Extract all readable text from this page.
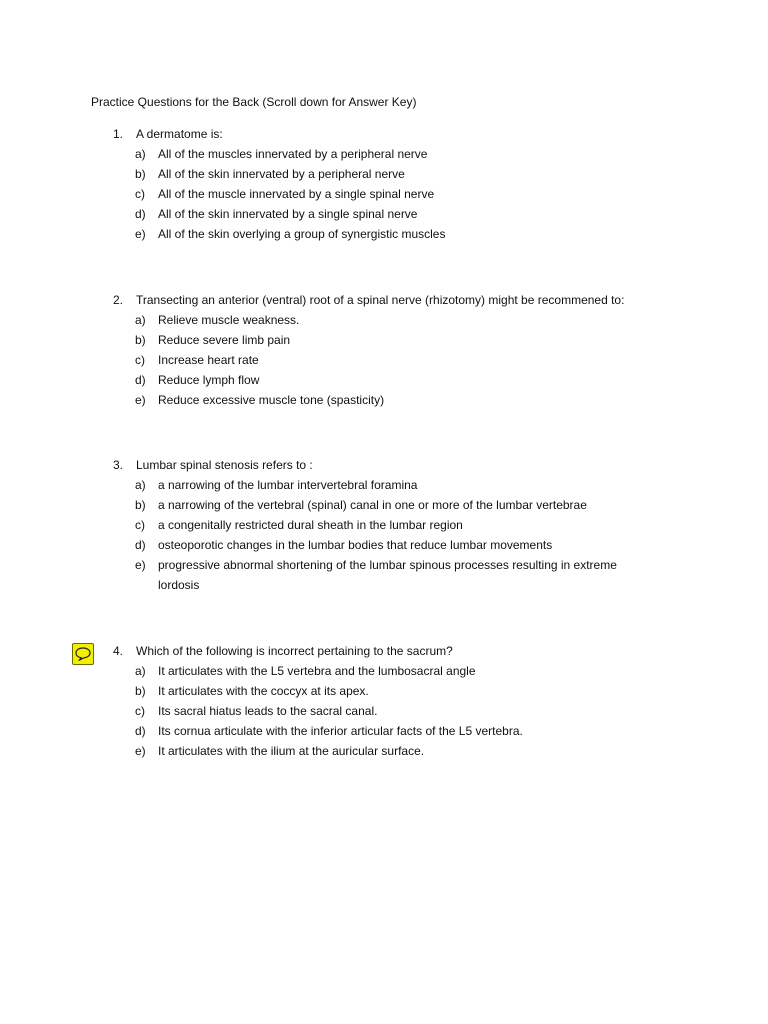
Practice Questions for the Back (Scroll down for Answer Key)
1. A dermatome is:
a) All of the muscles innervated by a peripheral nerve
b) All of the skin innervated by a peripheral nerve
c) All of the muscle innervated by a single spinal nerve
d) All of the skin innervated by a single spinal nerve
e) All of the skin overlying a group of synergistic muscles
2. Transecting an anterior (ventral) root of a spinal nerve (rhizotomy) might be recommened to:
a) Relieve muscle weakness.
b) Reduce severe limb pain
c) Increase heart rate
d) Reduce lymph flow
e) Reduce excessive muscle tone (spasticity)
3. Lumbar spinal stenosis refers to :
a) a narrowing of the lumbar intervertebral foramina
b) a narrowing of the vertebral (spinal) canal in one or more of the lumbar vertebrae
c) a congenitally restricted dural sheath in the lumbar region
d) osteoporotic changes in the lumbar bodies that reduce lumbar movements
e) progressive abnormal shortening of the lumbar spinous processes resulting in extreme lordosis
4. Which of the following is incorrect pertaining to the sacrum?
a) It articulates with the L5 vertebra and the lumbosacral angle
b) It articulates with the coccyx at its apex.
c) Its sacral hiatus leads to the sacral canal.
d) Its cornua articulate with the inferior articular facts of the L5 vertebra.
e) It articulates with the ilium at the auricular surface.
